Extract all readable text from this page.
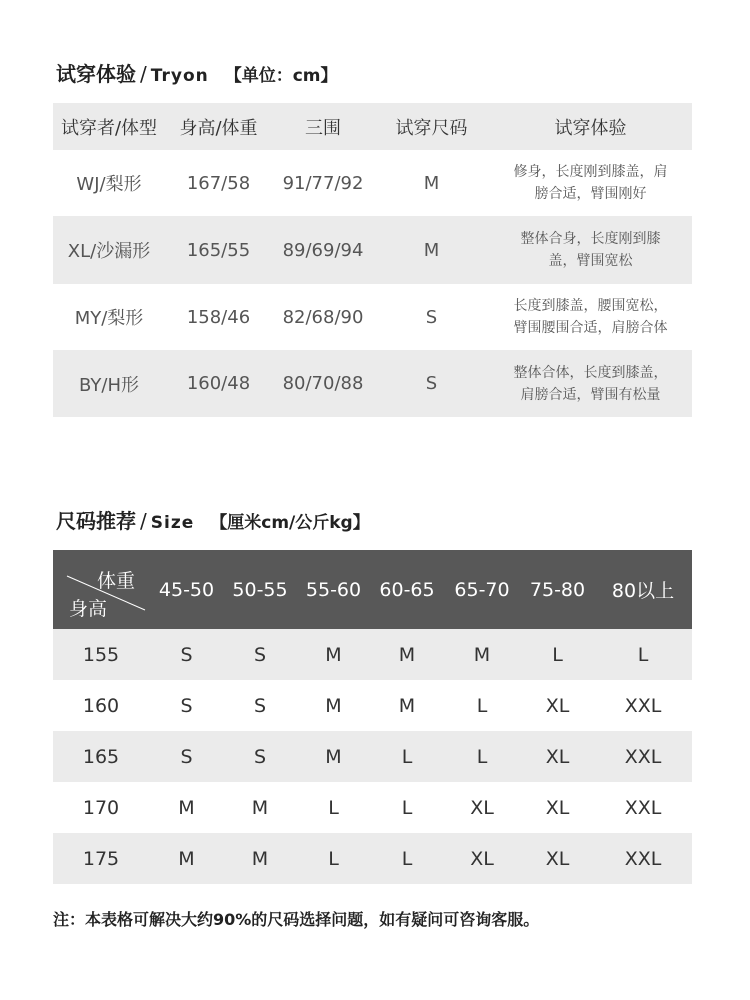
试穿体验 / Tryon 【单位：cm】
试穿者/体型	身高/体重	三围	试穿尺码	试穿体验
WJ/梨形	167/58	91/77/92	M	修身，长度刚到膝盖，肩
膀合适，臂围刚好

XL/沙漏形	165/55	89/69/94	M	整体合身，长度刚到膝
盖，臂围宽松

MY/梨形	158/46	82/68/90	S	长度到膝盖，腰围宽松，
臂围腰围合适，肩膀合体

BY/H形	160/48	80/70/88	S	整体合体，长度到膝盖，
肩膀合适，臂围有松量
尺码推荐 / Size 【厘米cm/公斤kg】
体重
身高	45-50	50-55	55-60	60-65	65-70	75-80	80以上
155	S	S	M	M	M	L	L
160	S	S	M	M	L	XL	XXL
165	S	S	M	L	L	XL	XXL
170	M	M	L	L	XL	XL	XXL
175	M	M	L	L	XL	XL	XXL
注：本表格可解决大约90%的尺码选择问题，如有疑问可咨询客服。
